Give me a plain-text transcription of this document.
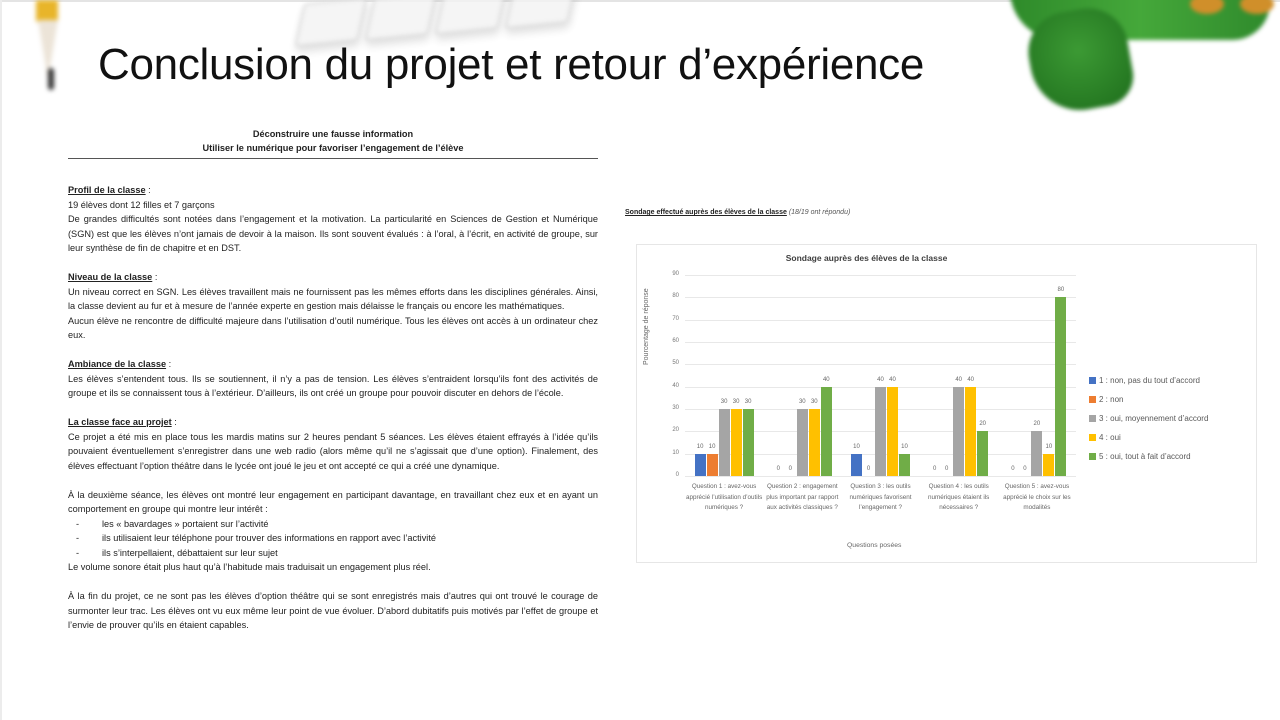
Conclusion du projet et retour d’expérience
Déconstruire une fausse information
Utiliser le numérique pour favoriser l’engagement de l’élève
Profil de la classe :
19 élèves dont 12 filles et 7 garçons
De grandes difficultés sont notées dans l’engagement et la motivation. La particularité en Sciences de Gestion et Numérique (SGN) est que les élèves n’ont jamais de devoir à la maison. Ils sont souvent évalués : à l’oral, à l’écrit, en activité de groupe, sur leur synthèse de fin de chapitre et en DST.
Niveau de la classe :
Un niveau correct en SGN. Les élèves travaillent mais ne fournissent pas les mêmes efforts dans les disciplines générales. Ainsi, la classe devient au fur et à mesure de l’année experte en gestion mais délaisse le français ou encore les mathématiques.
Aucun élève ne rencontre de difficulté majeure dans l’utilisation d’outil numérique. Tous les élèves ont accès à un ordinateur chez eux.
Ambiance de la classe :
Les élèves s’entendent tous. Ils se soutiennent, il n’y a pas de tension. Les élèves s’entraident lorsqu’ils font des activités de groupe et ils se connaissent tous à l’extérieur. D’ailleurs, ils ont créé un groupe pour pouvoir discuter en dehors de l’école.
La classe face au projet :
Ce projet a été mis en place tous les mardis matins sur 2 heures pendant 5 séances. Les élèves étaient effrayés à l’idée qu’ils pouvaient éventuellement s’enregistrer dans une web radio (alors même qu’il ne s’agissait que d’une option). Finalement, des élèves effectuant l’option théâtre dans le lycée ont joué le jeu et ont accepté ce qui a créé une dynamique.
À la deuxième séance, les élèves ont montré leur engagement en participant davantage, en travaillant chez eux et en ayant un comportement en groupe qui montre leur intérêt :
- les « bavardages » portaient sur l’activité
- ils utilisaient leur téléphone pour trouver des informations en rapport avec l’activité
- ils s’interpellaient, débattaient sur leur sujet
Le volume sonore était plus haut qu’à l’habitude mais traduisait un engagement plus réel.
À la fin du projet, ce ne sont pas les élèves d’option théâtre qui se sont enregistrés mais d’autres qui ont trouvé le courage de surmonter leur trac. Les élèves ont vu eux même leur point de vue évoluer. D’abord dubitatifs puis motivés par l’effet de groupe et l’envie de prouver qu’ils en étaient capables.
Sondage effectué auprès des élèves de la classe (18/19 ont répondu)
Sondage auprès des élèves de la classe
Pourcentage de réponse
0
10
20
30
40
50
60
70
80
90
10 10
30 30 30
Question 1 : avez-vous apprécié l’utilisation d’outils numériques ?
0	0
30 30
40
Question 2 : engagement plus important par rapport aux activités classiques ?
10
0
40 40
10
Question 3 : les outils numériques favorisent l’engagement ?
0	0
40 40
20
Question 4 : les outils numériques étaient ils nécessaires ?
0	0
20
10
80
Question 5 : avez-vous apprécié le choix sur les modalités
Questions posées
1 : non, pas du tout d’accord
2 : non
3 : oui, moyennement d’accord
4 : oui
5 : oui, tout à fait d’accord
